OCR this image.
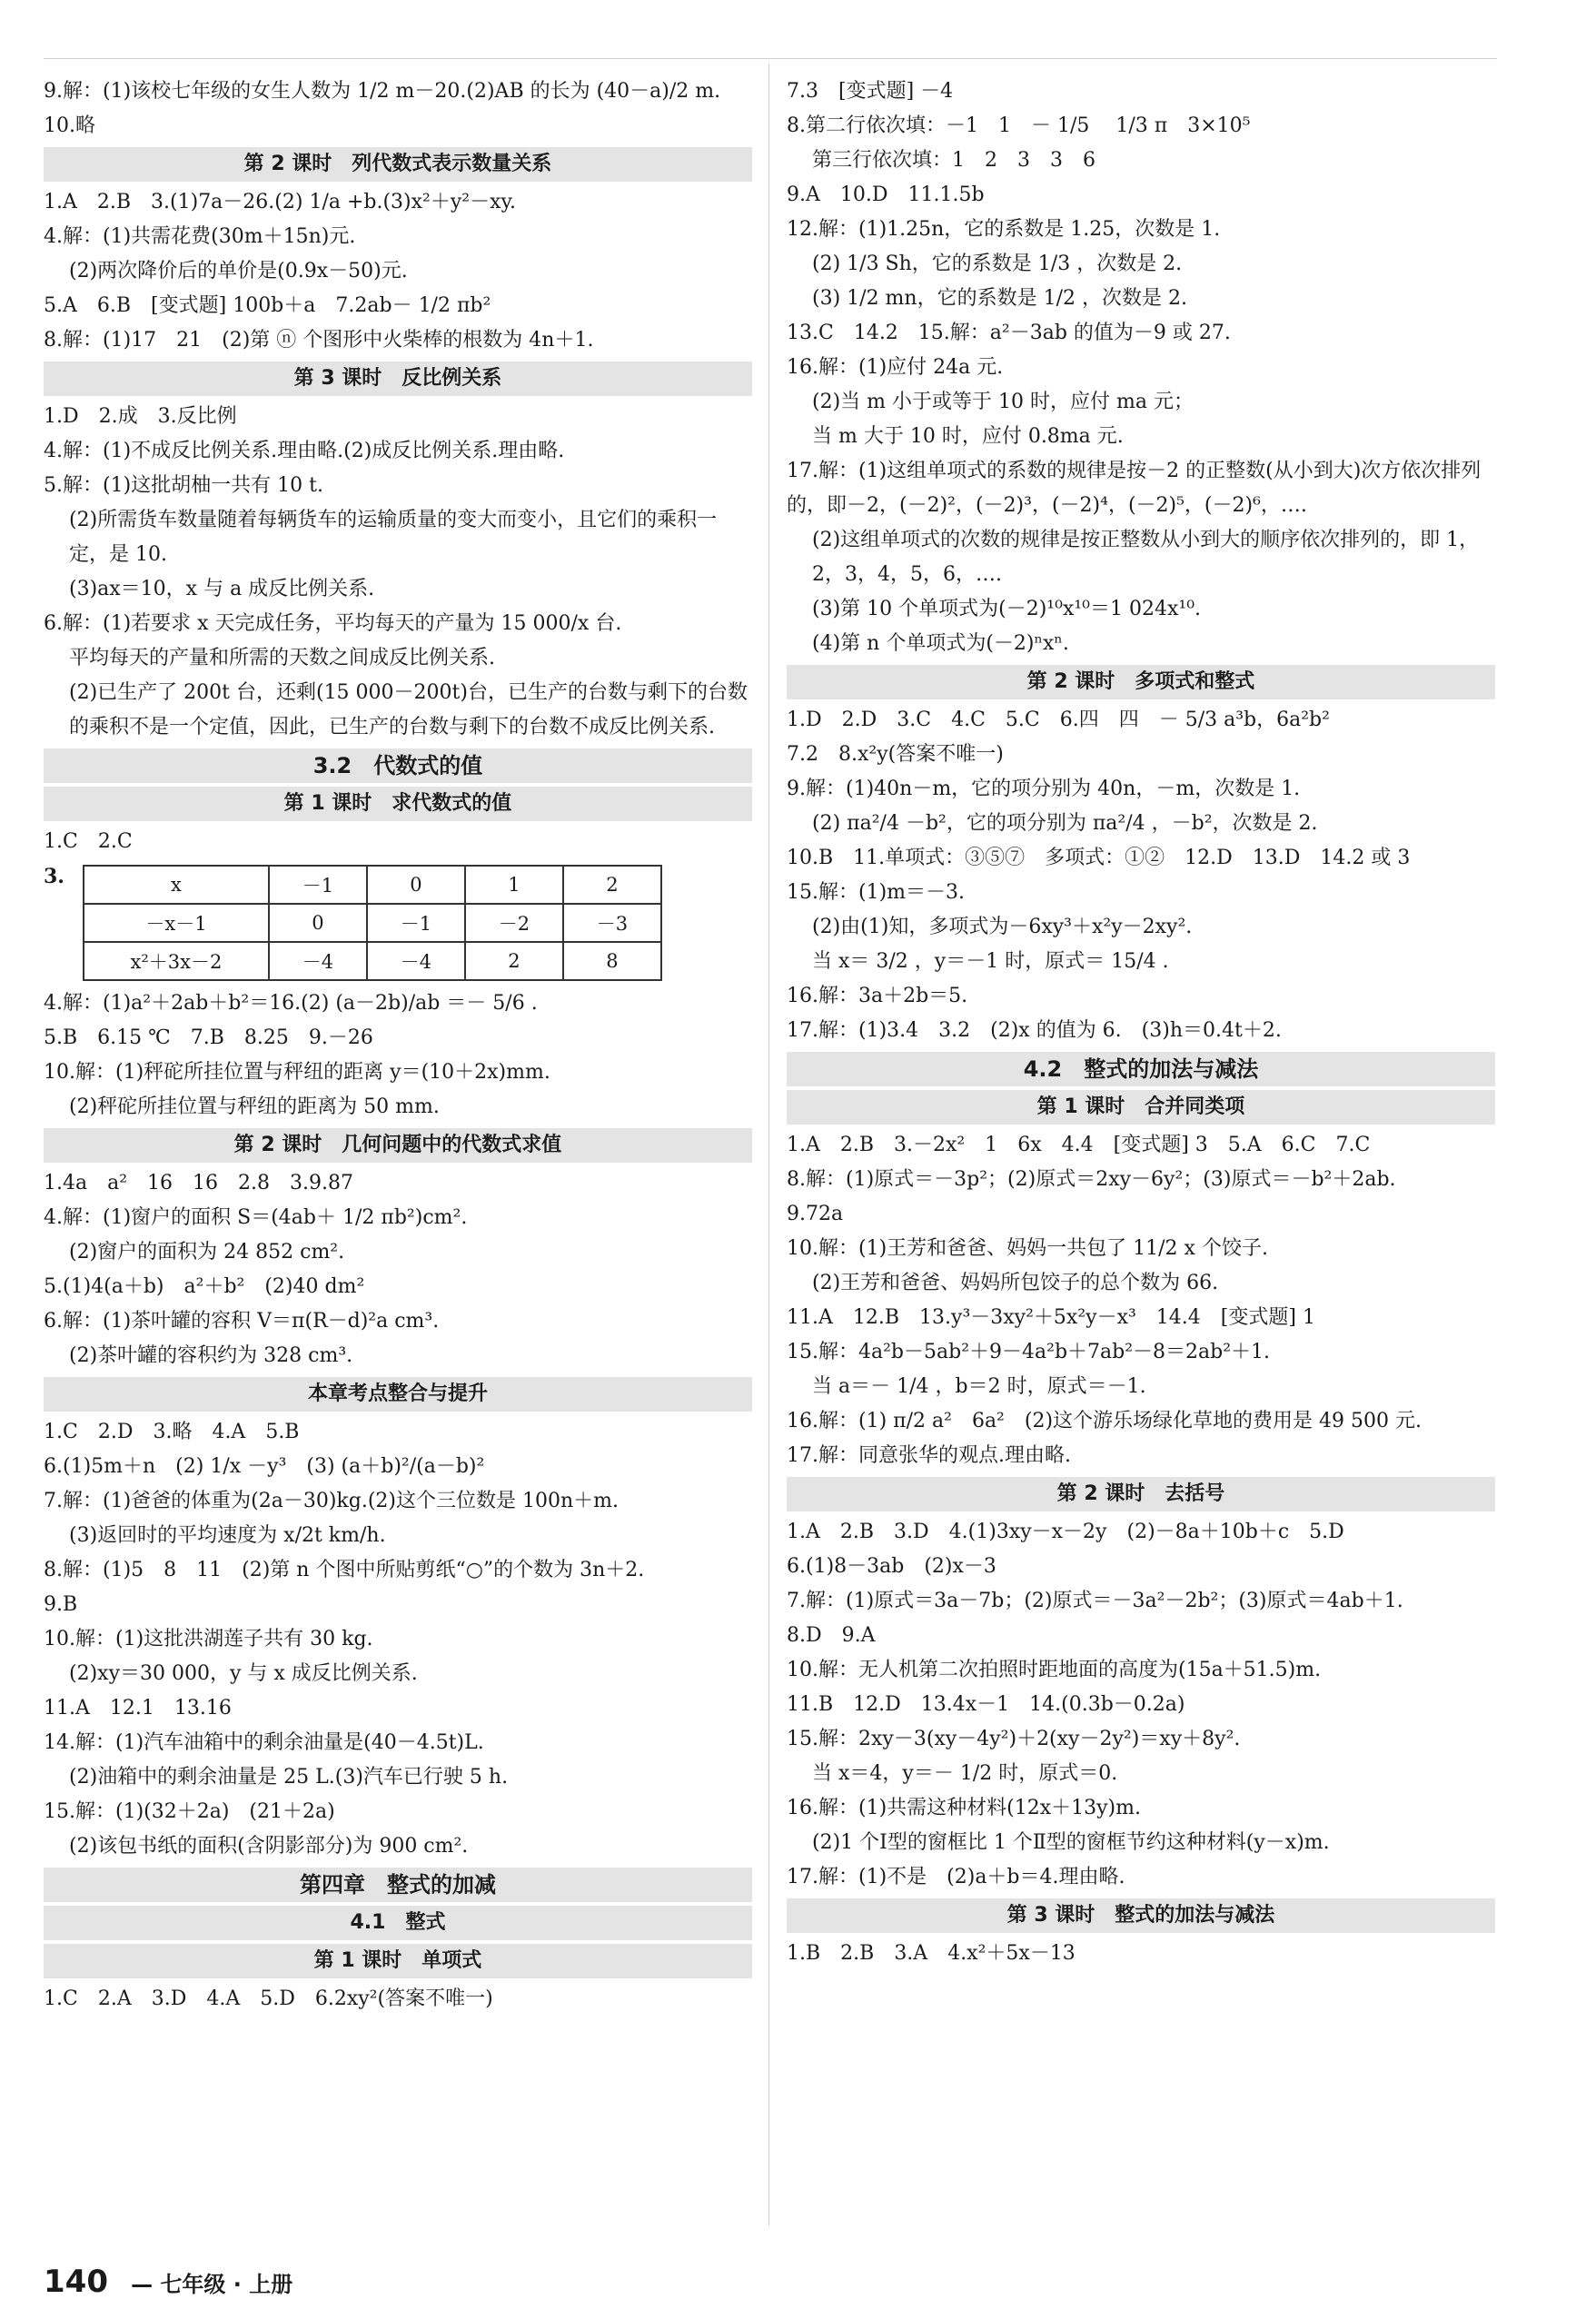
9.解：(1)该校七年级的女生人数为 1/2 m－20.(2)AB 的长为 (40－a)/2 m.

10.略

第 2 课时　列代数式表示数量关系

1.A　2.B　3.(1)7a－26.(2) 1/a +b.(3)x²＋y²－xy.

4.解：(1)共需花费(30m＋15n)元.

(2)两次降价后的单价是(0.9x－50)元.

5.A　6.B　[变式题] 100b＋a　7.2ab－ 1/2 πb²

8.解：(1)17　21　(2)第 ⓝ 个图形中火柴棒的根数为 4n＋1.

第 3 课时　反比例关系

1.D　2.成　3.反比例

4.解：(1)不成反比例关系.理由略.(2)成反比例关系.理由略.

5.解：(1)这批胡柚一共有 10 t.

(2)所需货车数量随着每辆货车的运输质量的变大而变小，且它们的乘积一定，是 10.

(3)ax＝10，x 与 a 成反比例关系.

6.解：(1)若要求 x 天完成任务，平均每天的产量为 15 000/x 台.

平均每天的产量和所需的天数之间成反比例关系.

(2)已生产了 200t 台，还剩(15 000－200t)台，已生产的台数与剩下的台数的乘积不是一个定值，因此，已生产的台数与剩下的台数不成反比例关系.

3.2　代数式的值
第 1 课时　求代数式的值

1.C　2.C

3.	x	－1	0	1	2
－x－1	0	－1	－2	－3
x²＋3x－2	－4	－4	2	8

4.解：(1)a²＋2ab＋b²＝16.(2) (a－2b)/ab ＝－ 5/6 .

5.B　6.15 ℃　7.B　8.25　9.－26

10.解：(1)秤砣所挂位置与秤纽的距离 y＝(10＋2x)mm.

(2)秤砣所挂位置与秤纽的距离为 50 mm.

第 2 课时　几何问题中的代数式求值

1.4a　a²　16　16　2.8　3.9.87

4.解：(1)窗户的面积 S＝(4ab＋ 1/2 πb²)cm².

(2)窗户的面积为 24 852 cm².

5.(1)4(a＋b)　a²＋b²　(2)40 dm²

6.解：(1)茶叶罐的容积 V＝π(R－d)²a cm³.

(2)茶叶罐的容积约为 328 cm³.

本章考点整合与提升

1.C　2.D　3.略　4.A　5.B

6.(1)5m＋n　(2) 1/x －y³　(3) (a＋b)²/(a－b)²

7.解：(1)爸爸的体重为(2a－30)kg.(2)这个三位数是 100n＋m.

(3)返回时的平均速度为 x/2t km/h.

8.解：(1)5　8　11　(2)第 n 个图中所贴剪纸“○”的个数为 3n＋2.

9.B

10.解：(1)这批洪湖莲子共有 30 kg.

(2)xy＝30 000，y 与 x 成反比例关系.

11.A　12.1　13.16

14.解：(1)汽车油箱中的剩余油量是(40－4.5t)L.

(2)油箱中的剩余油量是 25 L.(3)汽车已行驶 5 h.

15.解：(1)(32＋2a)　(21＋2a)

(2)该包书纸的面积(含阴影部分)为 900 cm².

第四章　整式的加减
4.1　整式
第 1 课时　单项式

1.C　2.A　3.D　4.A　5.D　6.2xy²(答案不唯一)

7.3　[变式题] －4

8.第二行依次填：－1　1　－ 1/5 　1/3 π　3×10⁵

第三行依次填：1　2　3　3　6

9.A　10.D　11.1.5b

12.解：(1)1.25n，它的系数是 1.25，次数是 1.

(2) 1/3 Sh，它的系数是 1/3 ，次数是 2.

(3) 1/2 mn，它的系数是 1/2 ，次数是 2.

13.C　14.2　15.解：a²－3ab 的值为－9 或 27.

16.解：(1)应付 24a 元.

(2)当 m 小于或等于 10 时，应付 ma 元；

当 m 大于 10 时，应付 0.8ma 元.

17.解：(1)这组单项式的系数的规律是按－2 的正整数(从小到大)次方依次排列的，即－2，(－2)²，(－2)³，(－2)⁴，(－2)⁵，(－2)⁶，….

(2)这组单项式的次数的规律是按正整数从小到大的顺序依次排列的，即 1，2，3，4，5，6，….

(3)第 10 个单项式为(－2)¹⁰x¹⁰＝1 024x¹⁰.

(4)第 n 个单项式为(－2)ⁿxⁿ.

第 2 课时　多项式和整式

1.D　2.D　3.C　4.C　5.C　6.四　四　－ 5/3 a³b，6a²b²

7.2　8.x²y(答案不唯一)

9.解：(1)40n－m，它的项分别为 40n，－m，次数是 1.

(2) πa²/4 －b²，它的项分别为 πa²/4 ，－b²，次数是 2.

10.B　11.单项式：③⑤⑦　多项式：①②　12.D　13.D　14.2 或 3

15.解：(1)m＝－3.

(2)由(1)知，多项式为－6xy³＋x²y－2xy².

当 x＝ 3/2 ，y＝－1 时，原式＝ 15/4 .

16.解：3a＋2b＝5.

17.解：(1)3.4　3.2　(2)x 的值为 6.　(3)h＝0.4t＋2.

4.2　整式的加法与减法
第 1 课时　合并同类项

1.A　2.B　3.－2x²　1　6x　4.4　[变式题] 3　5.A　6.C　7.C

8.解：(1)原式＝－3p²；(2)原式＝2xy－6y²；(3)原式＝－b²＋2ab.

9.72a

10.解：(1)王芳和爸爸、妈妈一共包了 11/2 x 个饺子.

(2)王芳和爸爸、妈妈所包饺子的总个数为 66.

11.A　12.B　13.y³－3xy²＋5x²y－x³　14.4　[变式题] 1

15.解：4a²b－5ab²＋9－4a²b＋7ab²－8＝2ab²＋1.

当 a＝－ 1/4 ，b＝2 时，原式＝－1.

16.解：(1) π/2 a²　6a²　(2)这个游乐场绿化草地的费用是 49 500 元.

17.解：同意张华的观点.理由略.

第 2 课时　去括号

1.A　2.B　3.D　4.(1)3xy－x－2y　(2)－8a＋10b＋c　5.D

6.(1)8－3ab　(2)x－3

7.解：(1)原式＝3a－7b；(2)原式＝－3a²－2b²；(3)原式＝4ab＋1.

8.D　9.A

10.解：无人机第二次拍照时距地面的高度为(15a＋51.5)m.

11.B　12.D　13.4x－1　14.(0.3b－0.2a)

15.解：2xy－3(xy－4y²)＋2(xy－2y²)＝xy＋8y².

当 x＝4，y＝－ 1/2 时，原式＝0.

16.解：(1)共需这种材料(12x＋13y)m.

(2)1 个Ⅰ型的窗框比 1 个Ⅱ型的窗框节约这种材料(y－x)m.

17.解：(1)不是　(2)a＋b＝4.理由略.

第 3 课时　整式的加法与减法

1.B　2.B　3.A　4.x²＋5x－13

140 — 七年级 · 上册
